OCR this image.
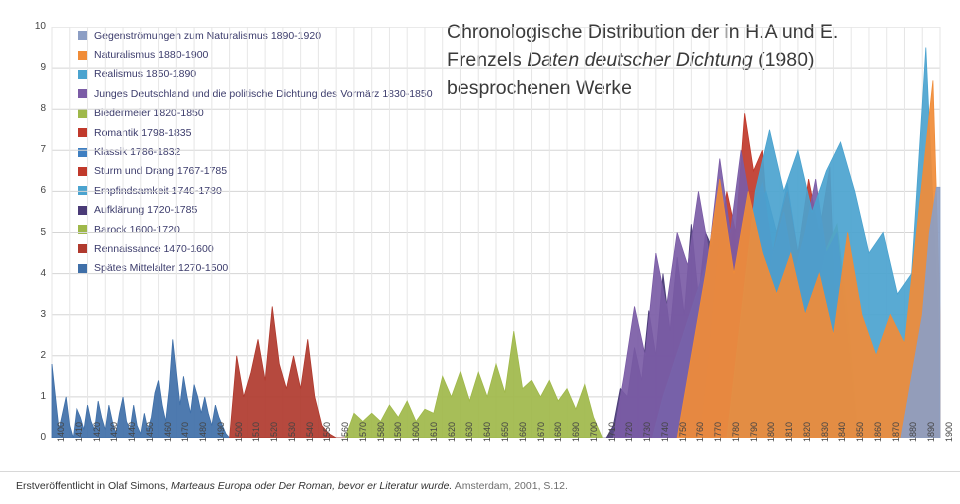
Chronologische Distribution der in H.A und E.
Frenzels Daten deutscher Dichtung (1980)
besprochenen Werke
Gegenströmungen zum Naturalismus 1890-1920
Naturalismus 1880-1900
Realismus 1850-1890
Junges Deutschland und die politische Dichtung des Vormärz 1830-1850
Biedermeier 1820-1850
Romantik 1798-1835
Klassik 1786-1832
Sturm und Drang 1767-1785
Empfindsamkeit 1740-1780
Aufklärung 1720-1785
Barock 1600-1720
Rennaissance 1470-1600
Spätes Mittelalter 1270-1500
0
1
2
3
4
5
6
7
8
9
10
1400 1410 1420 1430 1440 1450 1460 1470 1480 1490 1500 1510 1520 1530 1540 1550 1560 1570 1580 1590 1600 1610 1620 1630 1640 1650 1660 1670 1680 1690 1700 1710 1720 1730 1740 1750 1760 1770 1780 1790 1800 1810 1820 1830 1840 1850 1860 1870 1880 1890 1900
Erstveröffentlicht in Olaf Simons, Marteaus Europa oder Der Roman, bevor er Literatur wurde. Amsterdam, 2001, S.12.
